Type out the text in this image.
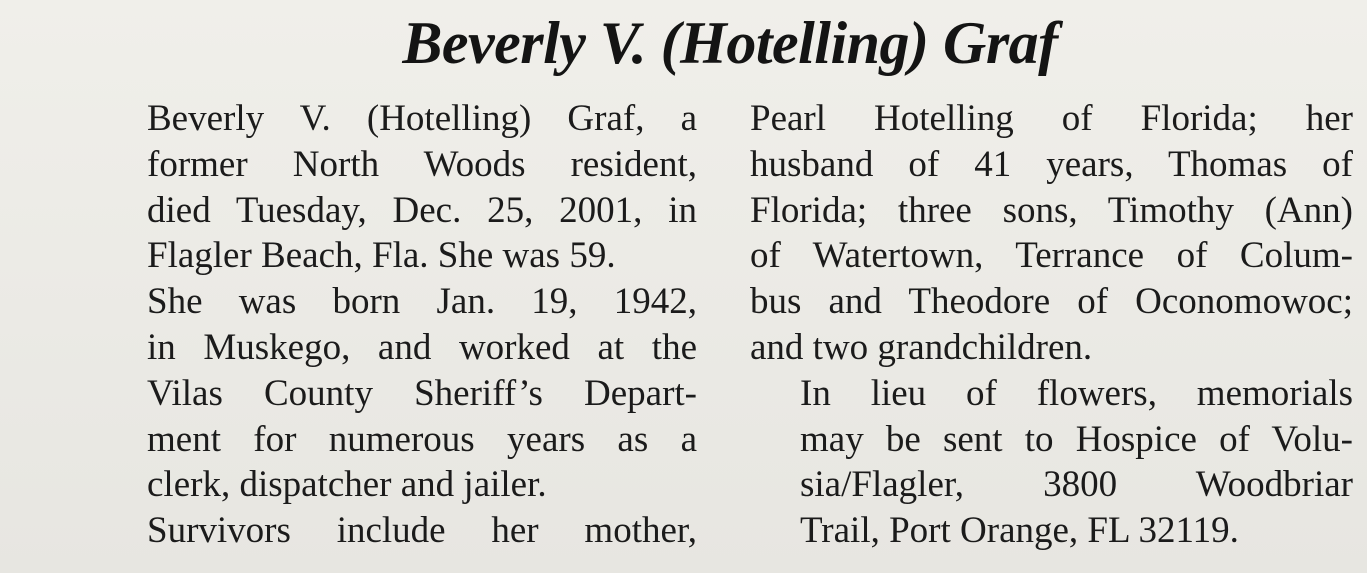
Beverly V. (Hotelling) Graf

Beverly V. (Hotelling) Graf, a
former North Woods resident,
died Tuesday, Dec. 25, 2001, in
Flagler Beach, Fla. She was 59.

She was born Jan. 19, 1942,
in Muskego, and worked at the
Vilas County Sheriff’s Depart-
ment for numerous years as a
clerk, dispatcher and jailer.

Survivors include her mother,

Pearl Hotelling of Florida; her
husband of 41 years, Thomas of
Florida; three sons, Timothy (Ann)
of Watertown, Terrance of Colum-
bus and Theodore of Oconomowoc;
and two grandchildren.

In lieu of flowers, memorials
may be sent to Hospice of Volu-
sia/Flagler, 3800 Woodbriar
Trail, Port Orange, FL 32119.
